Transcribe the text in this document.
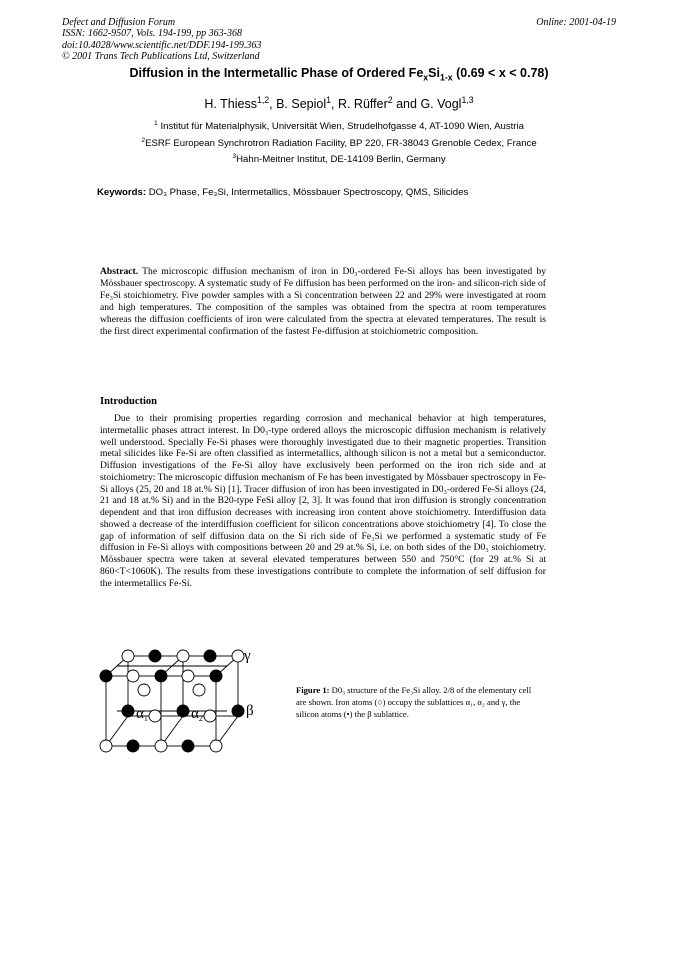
Defect and Diffusion Forum
ISSN: 1662-9507, Vols. 194-199, pp 363-368
doi:10.4028/www.scientific.net/DDF.194-199.363
© 2001 Trans Tech Publications Ltd, Switzerland
Online: 2001-04-19
Diffusion in the Intermetallic Phase of Ordered $Fe_xSi_{1-x}$ (0.69 < x < 0.78)
H. Thiess$^{1,2}$, B. Sepiol$^1$, R. Rüffer$^2$ and G. Vogl$^{1,3}$
$^1$ Institut für Materialphysik, Universität Wien, Strudelhofgasse 4, AT-1090 Wien, Austria
$^2$ESRF European Synchrotron Radiation Facility, BP 220, FR-38043 Grenoble Cedex, France
$^3$Hahn-Meitner Institut, DE-14109 Berlin, Germany
Keywords: DO₃ Phase, Fe₃Si, Intermetallics, Mössbauer Spectroscopy, QMS, Silicides
Abstract. The microscopic diffusion mechanism of iron in D0₃-ordered Fe-Si alloys has been investigated by Mössbauer spectroscopy. A systematic study of Fe diffusion has been performed on the iron- and silicon-rich side of Fe₃Si stoichiometry. Five powder samples with a Si concentration between 22 and 29% were investigated at room and high temperatures. The composition of the samples was obtained from the spectra at room temperatures whereas the diffusion coefficients of iron were calculated from the spectra at elevated temperatures. The result is the first direct experimental confirmation of the fastest Fe-diffusion at stoichiometric composition.
Introduction
Due to their promising properties regarding corrosion and mechanical behavior at high temperatures, intermetallic phases attract interest. In D0₃-type ordered alloys the microscopic diffusion mechanism is relatively well understood. Specially Fe-Si phases were thoroughly investigated due to their magnetic properties. Transition metal silicides like Fe-Si are often classified as intermetallics, although silicon is not a metal but a semiconductor. Diffusion investigations of the Fe-Si alloy have exclusively been performed on the iron rich side and at stoichiometry: The microscopic diffusion mechanism of Fe has been investigated by Mössbauer spectroscopy in Fe-Si alloys (25, 20 and 18 at.% Si) [1]. Tracer diffusion of iron has been investigated in D0₃-ordered Fe-Si alloys (24, 21 and 18 at.% Si) and in the B20-type FeSi alloy [2, 3]. It was found that iron diffusion is strongly concentration dependent and that iron diffusion decreases with increasing iron content above stoichiometry. Interdiffusion data showed a decrease of the interdiffusion coefficient for silicon concentrations above stoichiometry [4]. To close the gap of information of self diffusion data on the Si rich side of Fe₃Si we performed a systematic study of Fe diffusion in Fe-Si alloys with compositions between 20 and 29 at.% Si, i.e. on both sides of the D0₃ stoichiometry. Mössbauer spectra were taken at several elevated temperatures between 550 and 750°C (for 29 at.% Si at 860<T<1060K). The results from these investigations contribute to complete the information of self diffusion for the intermetallics Fe-Si.
γ
β
$\alpha_1$	$\alpha_2$
Figure 1: D0₃ structure of the Fe₃Si alloy. 2/8 of the elementary cell are shown. Iron atoms (○) occupy the sublattices α₁, α₂ and γ, the silicon atoms (•) the β sublattice.
